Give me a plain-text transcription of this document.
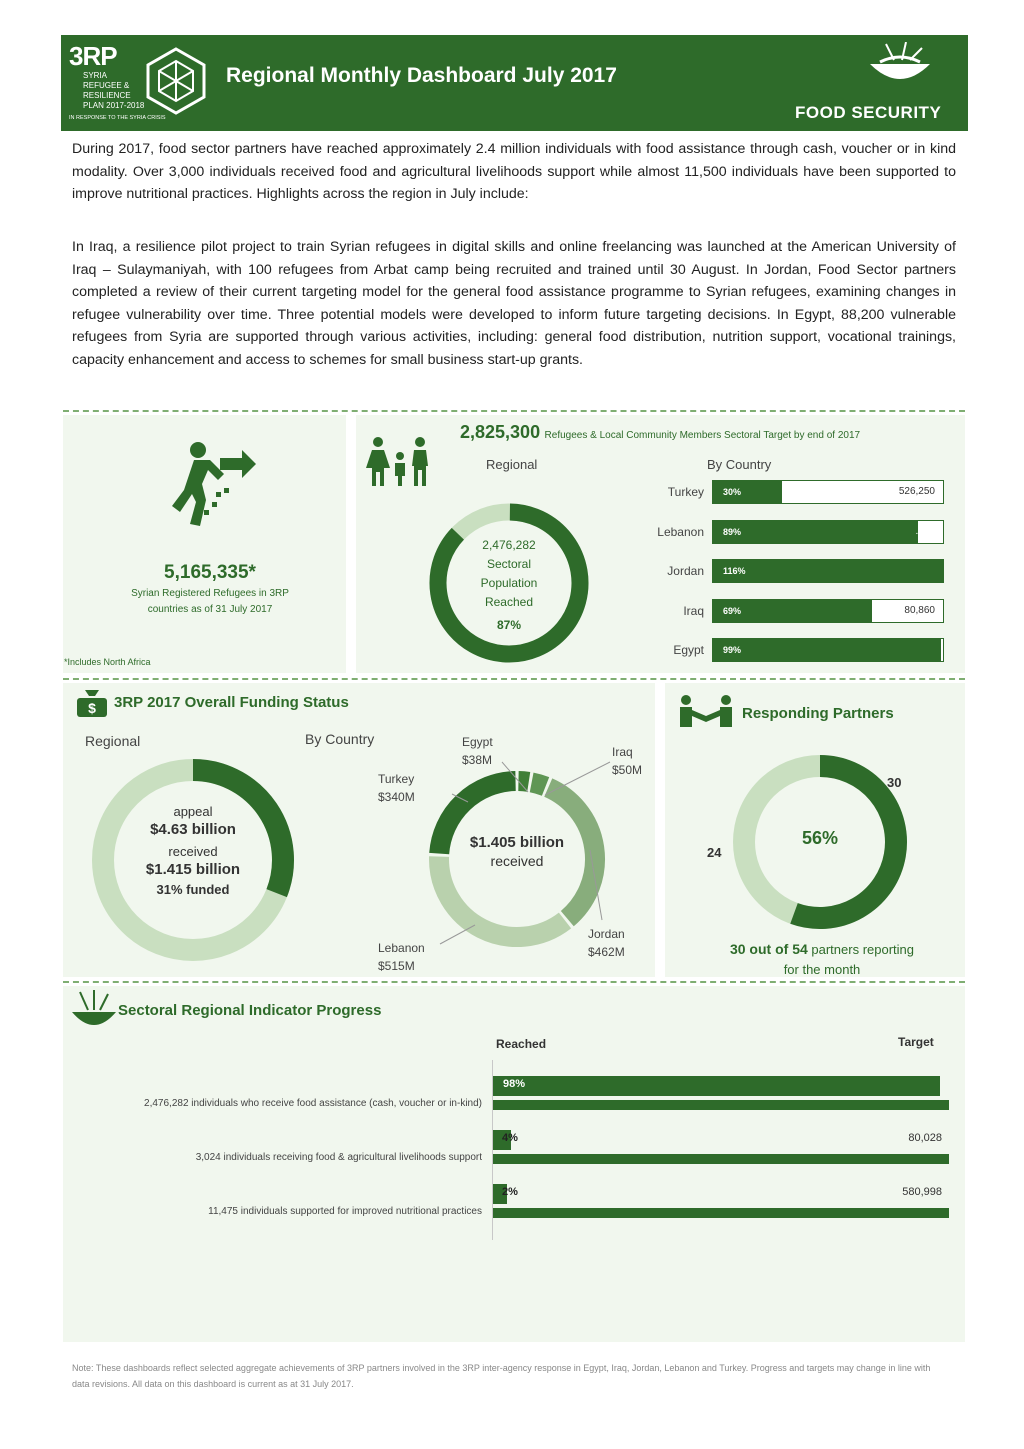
3RP
SYRIA
REFUGEE &
RESILIENCE
PLAN 2017-2018
IN RESPONSE TO THE SYRIA CRISIS
Regional Monthly Dashboard July 2017
FOOD SECURITY
During 2017, food sector partners have reached approximately 2.4 million individuals with food assistance through cash, voucher or in kind modality. Over 3,000 individuals received food and agricultural livelihoods support while almost 11,500 individuals have been supported to improve nutritional practices. Highlights across the region in July include:
In Iraq, a resilience pilot project to train Syrian refugees in digital skills and online freelancing was launched at the American University of Iraq – Sulaymaniyah, with 100 refugees from Arbat camp being recruited and trained until 30 August. In Jordan, Food Sector partners completed a review of their current targeting model for the general food assistance programme to Syrian refugees, examining changes in refugee vulnerability over time. Three potential models were developed to inform future targeting decisions. In Egypt, 88,200 vulnerable refugees from Syria are supported through various activities, including: general food distribution, nutrition support, vocational trainings, capacity enhancement and access to schemes for small business start-up grants.
5,165,335*
Syrian Registered Refugees in 3RP countries as of 31 July 2017
*Includes North Africa
2,825,300 Refugees & Local Community Members Sectoral Target by end of 2017
Regional	By Country
2,476,282
Sectoral
Population
Reached
87%
Turkey	30%	526,250
Lebanon	89%	...88
Jordan	116%
Iraq	69%	80,860
Egypt	99%
$ 3RP 2017 Overall Funding Status
Regional	By Country
appeal
$4.63 billion
received
$1.415 billion
31% funded
$1.405 billion
received
Turkey
$340M
Egypt
$38M
Iraq
$50M
Jordan
$462M
Lebanon
$515M
Responding Partners
56%
30
24
30 out of 54 partners reporting for the month
Sectoral Regional Indicator Progress
Reached	Target
2,476,282 individuals who receive food assistance (cash, voucher or in-kind)
98%
3,024 individuals receiving food & agricultural livelihoods support
4%	80,028
11,475 individuals supported for improved nutritional practices
2%	580,998
Note: These dashboards reflect selected aggregate achievements of 3RP partners involved in the 3RP inter-agency response in Egypt, Iraq, Jordan, Lebanon and Turkey. Progress and targets may change in line with data revisions. All data on this dashboard is current as at 31 July 2017.
